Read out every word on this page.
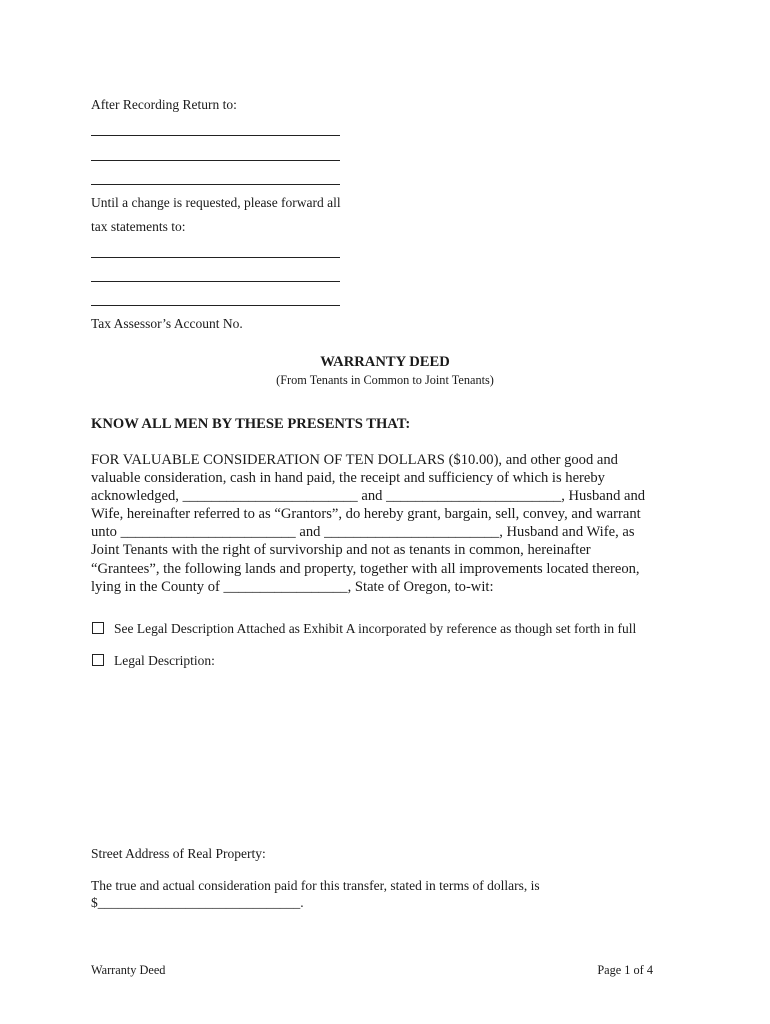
After Recording Return to:
Until a change is requested, please forward all
tax statements to:
Tax Assessor’s Account No.
WARRANTY DEED
(From Tenants in Common to Joint Tenants)
KNOW ALL MEN BY THESE PRESENTS THAT:
FOR VALUABLE CONSIDERATION OF TEN DOLLARS ($10.00), and other good and
valuable consideration, cash in hand paid, the receipt and sufficiency of which is hereby
acknowledged, ________________________ and ________________________, Husband and
Wife, hereinafter referred to as “Grantors”, do hereby grant, bargain, sell, convey, and warrant
unto ________________________ and ________________________, Husband and Wife, as
Joint Tenants with the right of survivorship and not as tenants in common, hereinafter
“Grantees”, the following lands and property, together with all improvements located thereon,
lying in the County of _________________, State of Oregon, to-wit:
See Legal Description Attached as Exhibit A incorporated by reference as though set forth in full
Legal Description:
Street Address of Real Property:
The true and actual consideration paid for this transfer, stated in terms of dollars, is
$______________________________.
Warranty Deed	Page 1 of 4
